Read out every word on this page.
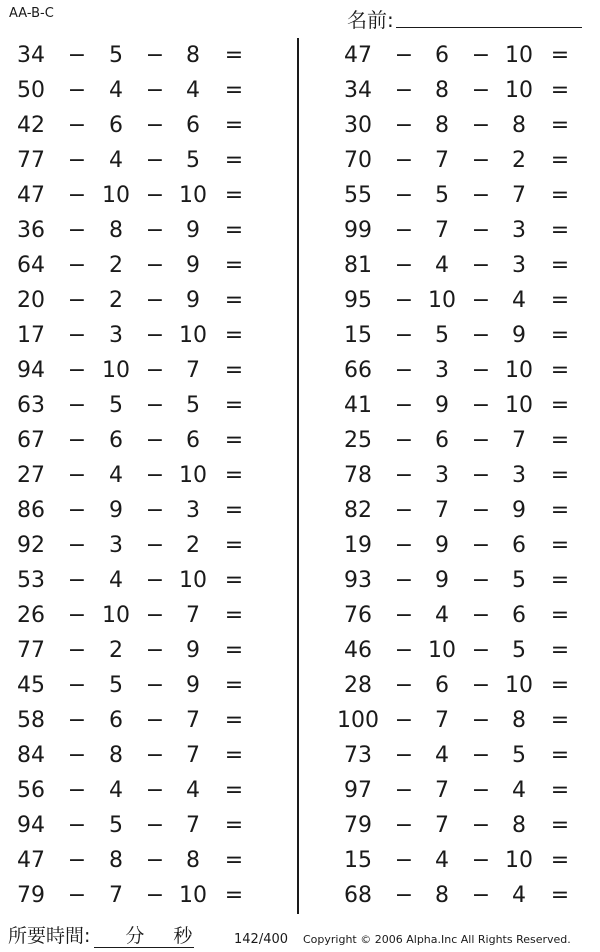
AA-B-C	名前:
34	−	5	− 8	=
50	−	4	− 4	=
42	−	6	− 6	=
77	−	4	− 5	=
47	− 10 − 10 =
36	−	8	− 9	=
64	−	2	− 9	=
20	−	2	− 9	=
17	−	3	− 10 =
94	− 10 − 7	=
63	−	5	− 5	=
67	−	6	− 6	=
27	−	4	− 10 =
86	−	9	− 3	=
92	−	3	− 2	=
53	−	4	− 10 =
26	− 10 − 7	=
77	−	2	− 9	=
45	−	5	− 9	=
58	−	6	− 7	=
84	−	8	− 7	=
56	−	4	− 4	=
94	−	5	− 7	=
47	−	8	− 8	=
79	−	7	− 10 =
47	− 6	− 10 =
34	− 8	− 10 =
30	− 8	− 8	=
70	− 7	− 2	=
55	− 5	− 7	=
99	− 7	− 3	=
81	− 4	− 3	=
95	− 10 − 4	=
15	− 5	− 9	=
66	− 3	− 10 =
41	− 9	− 10 =
25	− 6	− 7	=
78	− 3	− 3	=
82	− 7	− 9	=
19	− 9	− 6	=
93	− 9	− 5	=
76	− 4	− 6	=
46	− 10 − 5	=
28	− 6	− 10 =
100 − 7	− 8	=
73	− 4	− 5	=
97	− 7	− 4	=
79	− 7	− 8	=
15	− 4	− 10 =
68	− 8	− 4	=
所要時間: 分 秒	142/400 Copyright © 2006 Alpha.Inc All Rights Reserved.
